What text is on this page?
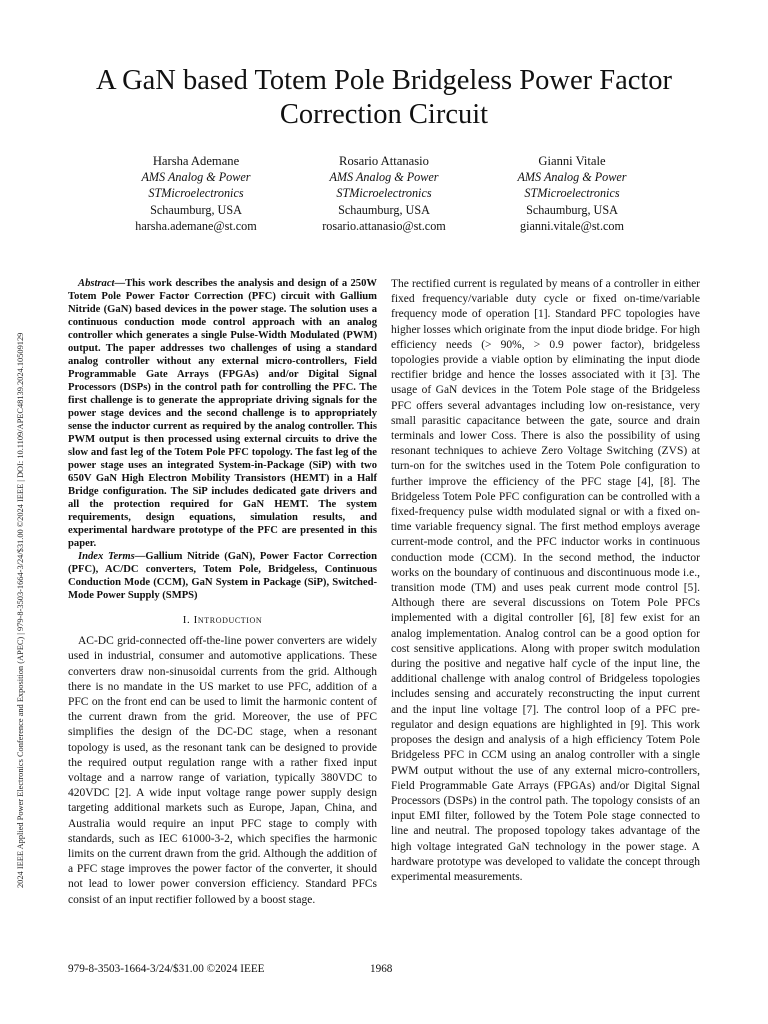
2024 IEEE Applied Power Electronics Conference and Exposition (APEC) | 979-8-3503-1664-3/24/$31.00 ©2024 IEEE | DOI: 10.1109/APEC48139.2024.10509129
A GaN based Totem Pole Bridgeless Power Factor Correction Circuit
Harsha Ademane
AMS Analog & Power
STMicroelectronics
Schaumburg, USA
harsha.ademane@st.com
Rosario Attanasio
AMS Analog & Power
STMicroelectronics
Schaumburg, USA
rosario.attanasio@st.com
Gianni Vitale
AMS Analog & Power
STMicroelectronics
Schaumburg, USA
gianni.vitale@st.com

Abstract—This work describes the analysis and design of a 250W Totem Pole Power Factor Correction (PFC) circuit with Gallium Nitride (GaN) based devices in the power stage. The solution uses a continuous conduction mode control approach with an analog controller which generates a single Pulse-Width Modulated (PWM) output. The paper addresses two challenges of using a standard analog controller without any external micro-controllers, Field Programmable Gate Arrays (FPGAs) and/or Digital Signal Processors (DSPs) in the control path for controlling the PFC. The first challenge is to generate the appropriate driving signals for the power stage devices and the second challenge is to appropriately sense the inductor current as required by the analog controller. This PWM output is then processed using external circuits to drive the slow and fast leg of the Totem Pole PFC topology. The fast leg of the power stage uses an integrated System-in-Package (SiP) with two 650V GaN High Electron Mobility Transistors (HEMT) in a Half Bridge configuration. The SiP includes dedicated gate drivers and all the protection required for GaN HEMT. The system requirements, design equations, simulation results, and experimental hardware prototype of the PFC are presented in this paper.

Index Terms—Gallium Nitride (GaN), Power Factor Correction (PFC), AC/DC converters, Totem Pole, Bridgeless, Continuous Conduction Mode (CCM), GaN System in Package (SiP), Switched-Mode Power Supply (SMPS)

I. Introduction

AC-DC grid-connected off-the-line power converters are widely used in industrial, consumer and automotive applications. These converters draw non-sinusoidal currents from the grid. Although there is no mandate in the US market to use PFC, addition of a PFC on the front end can be used to limit the harmonic content of the current drawn from the grid. Moreover, the use of PFC simplifies the design of the DC-DC stage, when a resonant topology is used, as the resonant tank can be designed to provide the required output regulation range with a rather fixed input voltage and a narrow range of variation, typically 380VDC to 420VDC [2]. A wide input voltage range power supply design targeting additional markets such as Europe, Japan, China, and Australia would require an input PFC stage to comply with standards, such as IEC 61000-3-2, which specifies the harmonic limits on the current drawn from the grid. Although the addition of a PFC stage improves the power factor of the converter, it should not lead to lower power conversion efficiency. Standard PFCs consist of an input rectifier followed by a boost stage.

The rectified current is regulated by means of a controller in either fixed frequency/variable duty cycle or fixed on-time/variable frequency mode of operation [1]. Standard PFC topologies have higher losses which originate from the input diode bridge. For high efficiency needs (> 90%, > 0.9 power factor), bridgeless topologies provide a viable option by eliminating the input diode rectifier bridge and hence the losses associated with it [3]. The usage of GaN devices in the Totem Pole stage of the Bridgeless PFC offers several advantages including low on-resistance, very small parasitic capacitance between the gate, source and drain terminals and lower Coss. There is also the possibility of using resonant techniques to achieve Zero Voltage Switching (ZVS) at turn-on for the switches used in the Totem Pole configuration to further improve the efficiency of the PFC stage [4], [8]. The Bridgeless Totem Pole PFC configuration can be controlled with a fixed-frequency pulse width modulated signal or with a fixed on-time variable frequency signal. The first method employs average current-mode control, and the PFC inductor works in continuous conduction mode (CCM). In the second method, the inductor works on the boundary of continuous and discontinuous mode i.e., transition mode (TM) and uses peak current mode control [5]. Although there are several discussions on Totem Pole PFCs implemented with a digital controller [6], [8] few exist for an analog implementation. Analog control can be a good option for cost sensitive applications. Along with proper switch modulation during the positive and negative half cycle of the input line, the additional challenge with analog control of Bridgeless topologies includes sensing and accurately reconstructing the input current and the input line voltage [7]. The control loop of a PFC pre-regulator and design equations are highlighted in [9]. This work proposes the design and analysis of a high efficiency Totem Pole Bridgeless PFC in CCM using an analog controller with a single PWM output without the use of any external micro-controllers, Field Programmable Gate Arrays (FPGAs) and/or Digital Signal Processors (DSPs) in the control path. The topology consists of an input EMI filter, followed by the Totem Pole stage connected to line and neutral. The proposed topology takes advantage of the high voltage integrated GaN technology in the power stage. A hardware prototype was developed to validate the concept through experimental measurements.

979-8-3503-1664-3/24/$31.00 ©2024 IEEE	1968
